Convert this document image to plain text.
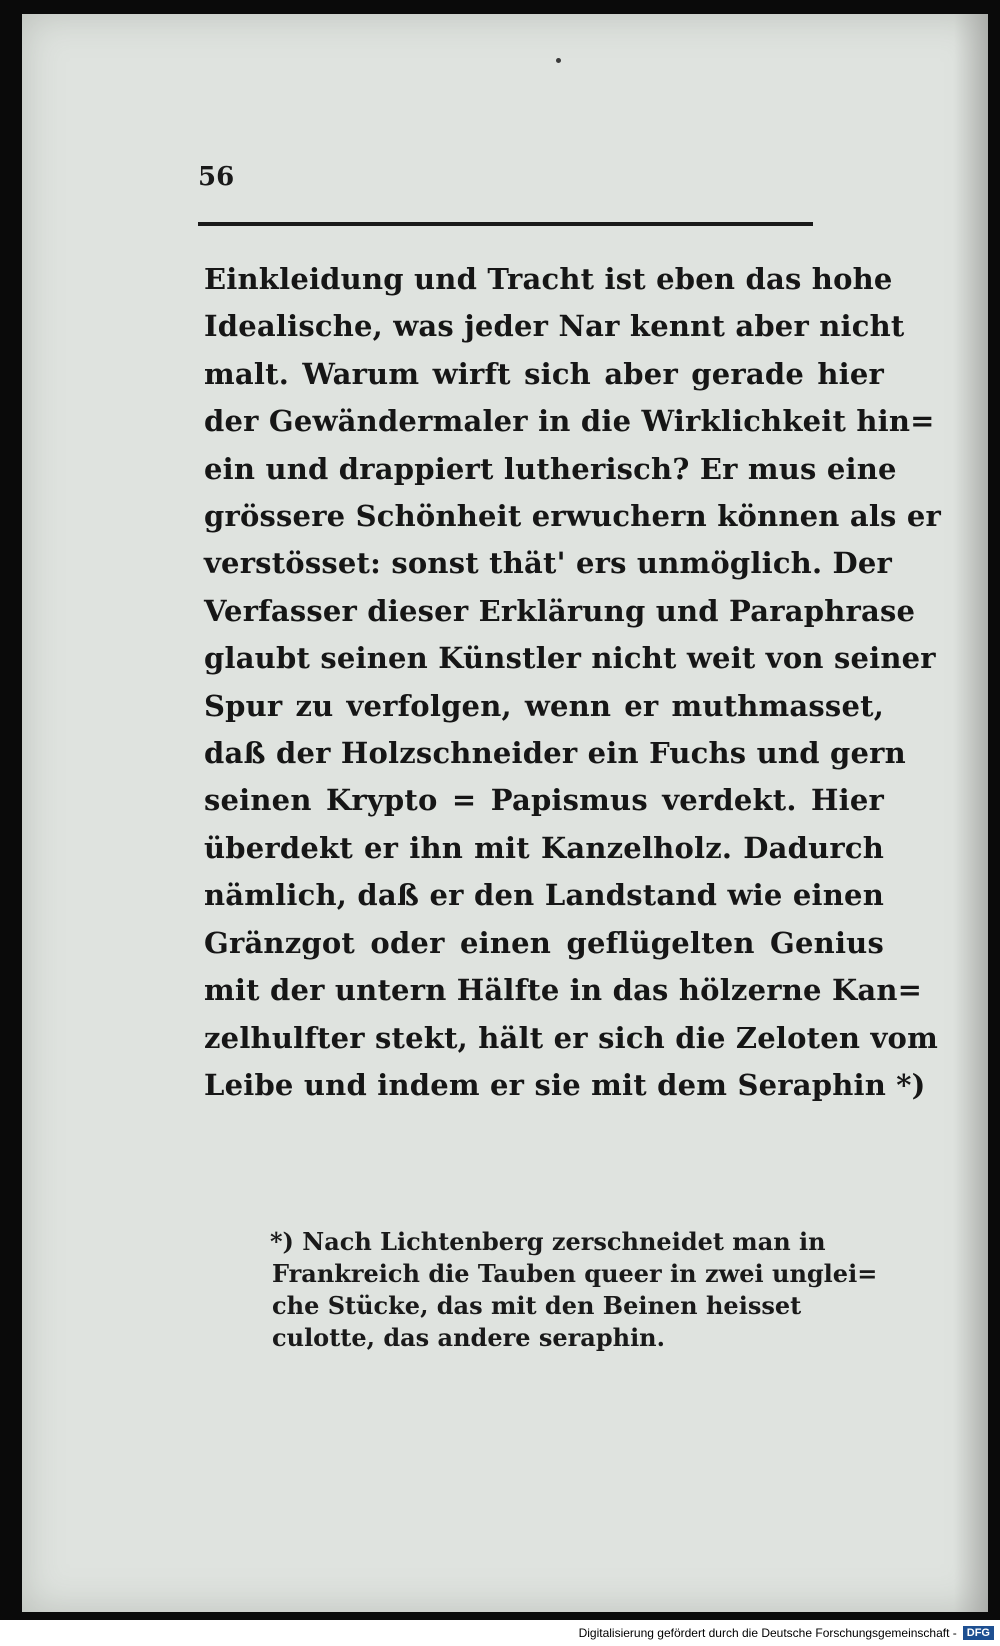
56
Einkleidung und Tracht ist eben das hohe
Idealische, was jeder Nar kennt aber nicht
malt. Warum wirft sich aber gerade hier
der Gewändermaler in die Wirklichkeit hin=
ein und drappiert lutherisch? Er mus eine
grössere Schönheit erwuchern können als er
verstösset: sonst thät' ers unmöglich. Der
Verfasser dieser Erklärung und Paraphrase
glaubt seinen Künstler nicht weit von seiner
Spur zu verfolgen, wenn er muthmasset,
daß der Holzschneider ein Fuchs und gern
seinen Krypto = Papismus verdekt. Hier
überdekt er ihn mit Kanzelholz. Dadurch
nämlich, daß er den Landstand wie einen
Gränzgot oder einen geflügelten Genius
mit der untern Hälfte in das hölzerne Kan=
zelhulfter stekt, hält er sich die Zeloten vom
Leibe und indem er sie mit dem Seraphin *)
*) Nach Lichtenberg zerschneidet man in
Frankreich die Tauben queer in zwei unglei=
che Stücke, das mit den Beinen heisset
culotte, das andere seraphin.
Digitalisierung gefördert durch die Deutsche Forschungsgemeinschaft - DFG
